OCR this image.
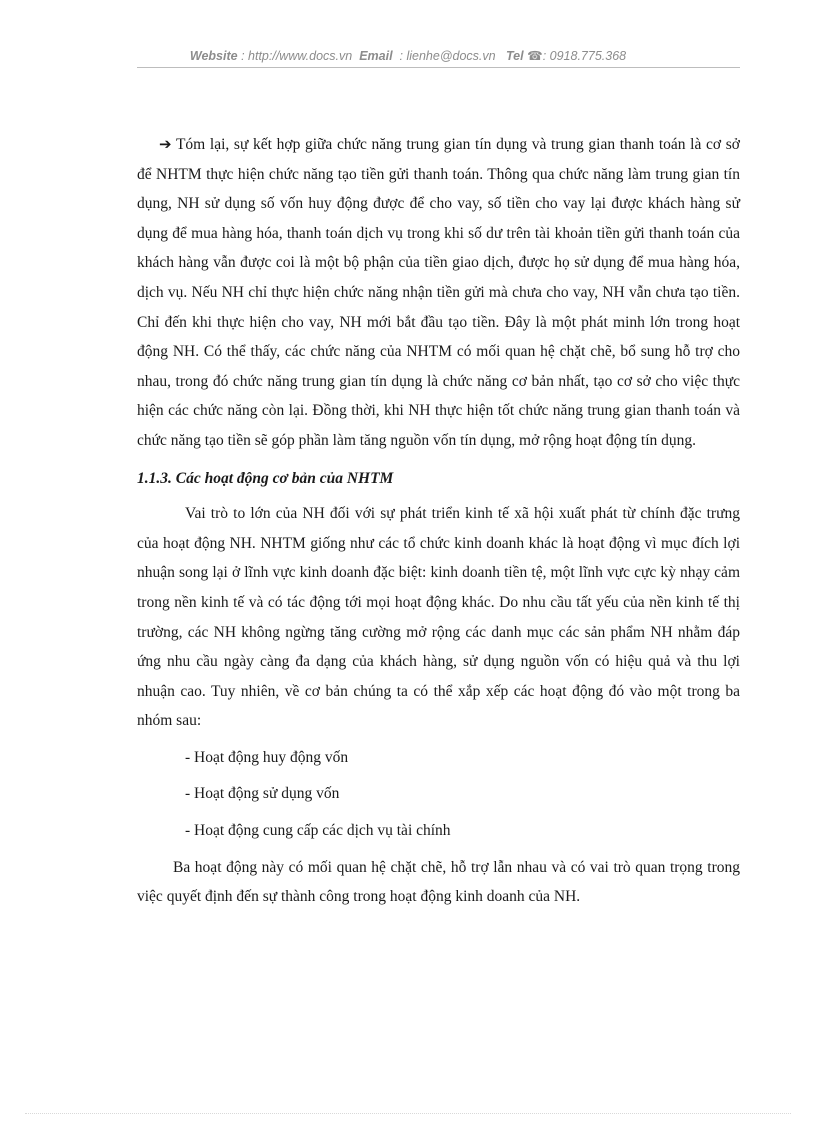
Website : http://www.docs.vn Email : lienhe@docs.vn Tel ☎: 0918.775.368

➔ Tóm lại, sự kết hợp giữa chức năng trung gian tín dụng và trung gian thanh toán là cơ sở để NHTM thực hiện chức năng tạo tiền gửi thanh toán. Thông qua chức năng làm trung gian tín dụng, NH sử dụng số vốn huy động được để cho vay, số tiền cho vay lại được khách hàng sử dụng để mua hàng hóa, thanh toán dịch vụ trong khi số dư trên tài khoản tiền gửi thanh toán của khách hàng vẫn được coi là một bộ phận của tiền giao dịch, được họ sử dụng để mua hàng hóa, dịch vụ. Nếu NH chỉ thực hiện chức năng nhận tiền gửi mà chưa cho vay, NH vẫn chưa tạo tiền. Chỉ đến khi thực hiện cho vay, NH mới bắt đầu tạo tiền. Đây là một phát minh lớn trong hoạt động NH. Có thể thấy, các chức năng của NHTM có mối quan hệ chặt chẽ, bổ sung hỗ trợ cho nhau, trong đó chức năng trung gian tín dụng là chức năng cơ bản nhất, tạo cơ sở cho việc thực hiện các chức năng còn lại. Đồng thời, khi NH thực hiện tốt chức năng trung gian thanh toán và chức năng tạo tiền sẽ góp phần làm tăng nguồn vốn tín dụng, mở rộng hoạt động tín dụng.

1.1.3. Các hoạt động cơ bản của NHTM

Vai trò to lớn của NH đối với sự phát triển kinh tế xã hội xuất phát từ chính đặc trưng của hoạt động NH. NHTM giống như các tổ chức kinh doanh khác là hoạt động vì mục đích lợi nhuận song lại ở lĩnh vực kinh doanh đặc biệt: kinh doanh tiền tệ, một lĩnh vực cực kỳ nhạy cảm trong nền kinh tế và có tác động tới mọi hoạt động khác. Do nhu cầu tất yếu của nền kinh tế thị trường, các NH không ngừng tăng cường mở rộng các danh mục các sản phẩm NH nhằm đáp ứng nhu cầu ngày càng đa dạng của khách hàng, sử dụng nguồn vốn có hiệu quả và thu lợi nhuận cao. Tuy nhiên, về cơ bản chúng ta có thể xắp xếp các hoạt động đó vào một trong ba nhóm sau:

- Hoạt động huy động vốn

- Hoạt động sử dụng vốn

- Hoạt động cung cấp các dịch vụ tài chính

Ba hoạt động này có mối quan hệ chặt chẽ, hỗ trợ lẫn nhau và có vai trò quan trọng trong việc quyết định đến sự thành công trong hoạt động kinh doanh của NH.
